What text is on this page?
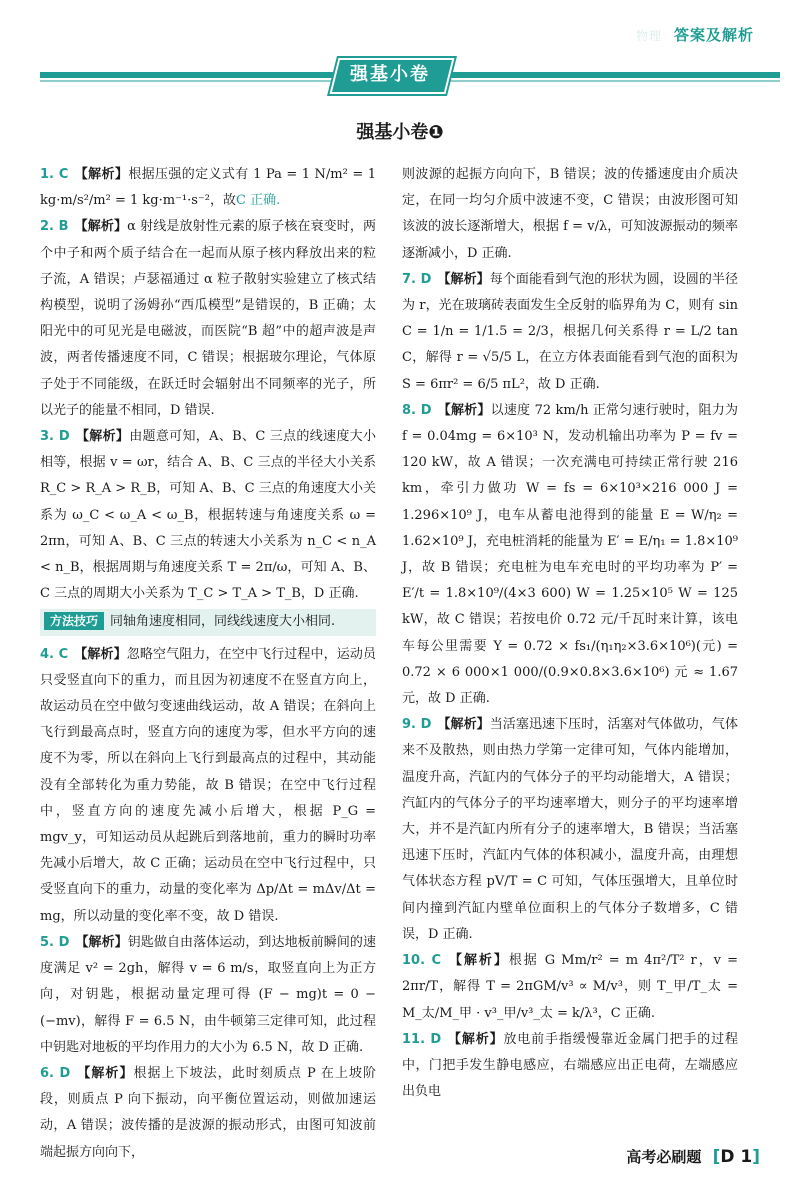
物理 答案及解析
强基小卷
强基小卷❶
1. C 【解析】根据压强的定义式有 1 Pa = 1 N/m² = 1 kg·m/s²/m² = 1 kg·m⁻¹·s⁻²，故C 正确.
2. B 【解析】α 射线是放射性元素的原子核在衰变时，两个中子和两个质子结合在一起而从原子核内释放出来的粒子流，A 错误；卢瑟福通过 α 粒子散射实验建立了核式结构模型，说明了汤姆孙“西瓜模型”是错误的，B 正确；太阳光中的可见光是电磁波，而医院“B 超”中的超声波是声波，两者传播速度不同，C 错误；根据玻尔理论，气体原子处于不同能级，在跃迁时会辐射出不同频率的光子，所以光子的能量不相同，D 错误.
3. D 【解析】由题意可知，A、B、C 三点的线速度大小相等，根据 v = ωr，结合 A、B、C 三点的半径大小关系 R_C > R_A > R_B，可知 A、B、C 三点的角速度大小关系为 ω_C < ω_A < ω_B，根据转速与角速度关系 ω = 2πn，可知 A、B、C 三点的转速大小关系为 n_C < n_A < n_B，根据周期与角速度关系 T = 2π/ω，可知 A、B、C 三点的周期大小关系为 T_C > T_A > T_B，D 正确.
方法技巧 同轴角速度相同，同线线速度大小相同.
4. C 【解析】忽略空气阻力，在空中飞行过程中，运动员只受竖直向下的重力，而且因为初速度不在竖直方向上，故运动员在空中做匀变速曲线运动，故 A 错误；在斜向上飞行到最高点时，竖直方向的速度为零，但水平方向的速度不为零，所以在斜向上飞行到最高点的过程中，其动能没有全部转化为重力势能，故 B 错误；在空中飞行过程中，竖直方向的速度先减小后增大，根据 P_G = mgv_y，可知运动员从起跳后到落地前，重力的瞬时功率先减小后增大，故 C 正确；运动员在空中飞行过程中，只受竖直向下的重力，动量的变化率为 Δp/Δt = mΔv/Δt = mg，所以动量的变化率不变，故 D 错误.
5. D 【解析】钥匙做自由落体运动，到达地板前瞬间的速度满足 v² = 2gh，解得 v = 6 m/s，取竖直向上为正方向，对钥匙，根据动量定理可得 (F − mg)t = 0 − (−mv)，解得 F = 6.5 N，由牛顿第三定律可知，此过程中钥匙对地板的平均作用力的大小为 6.5 N，故 D 正确.
6. D 【解析】根据上下坡法，此时刻质点 P 在上坡阶段，则质点 P 向下振动，向平衡位置运动，则做加速运动，A 错误；波传播的是波源的振动形式，由图可知波前端起振方向向下，
则波源的起振方向向下，B 错误；波的传播速度由介质决定，在同一均匀介质中波速不变，C 错误；由波形图可知该波的波长逐渐增大，根据 f = v/λ，可知波源振动的频率逐渐减小，D 正确.
7. D 【解析】每个面能看到气泡的形状为圆，设圆的半径为 r，光在玻璃砖表面发生全反射的临界角为 C，则有 sin C = 1/n = 1/1.5 = 2/3，根据几何关系得 r = L/2 tan C，解得 r = √5/5 L，在立方体表面能看到气泡的面积为 S = 6πr² = 6/5 πL²，故 D 正确.
8. D 【解析】以速度 72 km/h 正常匀速行驶时，阻力为 f = 0.04mg = 6×10³ N，发动机输出功率为 P = fv = 120 kW，故 A 错误；一次充满电可持续正常行驶 216 km，牵引力做功 W = fs = 6×10³×216 000 J = 1.296×10⁹ J，电车从蓄电池得到的能量 E = W/η₂ = 1.62×10⁹ J，充电桩消耗的能量为 E′ = E/η₁ = 1.8×10⁹ J，故 B 错误；充电桩为电车充电时的平均功率为 P′ = E′/t = 1.8×10⁹/(4×3 600) W = 1.25×10⁵ W = 125 kW，故 C 错误；若按电价 0.72 元/千瓦时来计算，该电车每公里需要 Y = 0.72 × fs₁/(η₁η₂×3.6×10⁶)(元) = 0.72 × 6 000×1 000/(0.9×0.8×3.6×10⁶) 元 ≈ 1.67 元，故 D 正确.
9. D 【解析】当活塞迅速下压时，活塞对气体做功，气体来不及散热，则由热力学第一定律可知，气体内能增加，温度升高，汽缸内的气体分子的平均动能增大，A 错误；汽缸内的气体分子的平均速率增大，则分子的平均速率增大，并不是汽缸内所有分子的速率增大，B 错误；当活塞迅速下压时，汽缸内气体的体积减小，温度升高，由理想气体状态方程 pV/T = C 可知，气体压强增大，且单位时间内撞到汽缸内壁单位面积上的气体分子数增多，C 错误，D 正确.
10. C 【解析】根据 G Mm/r² = m 4π²/T² r，v = 2πr/T，解得 T = 2πGM/v³ ∝ M/v³，则 T_甲/T_太 = M_太/M_甲 · v³_甲/v³_太 = k/λ³，C 正确.
11. D 【解析】放电前手指缓慢靠近金属门把手的过程中，门把手发生静电感应，右端感应出正电荷，左端感应出负电
高考必刷题 [D 1]
